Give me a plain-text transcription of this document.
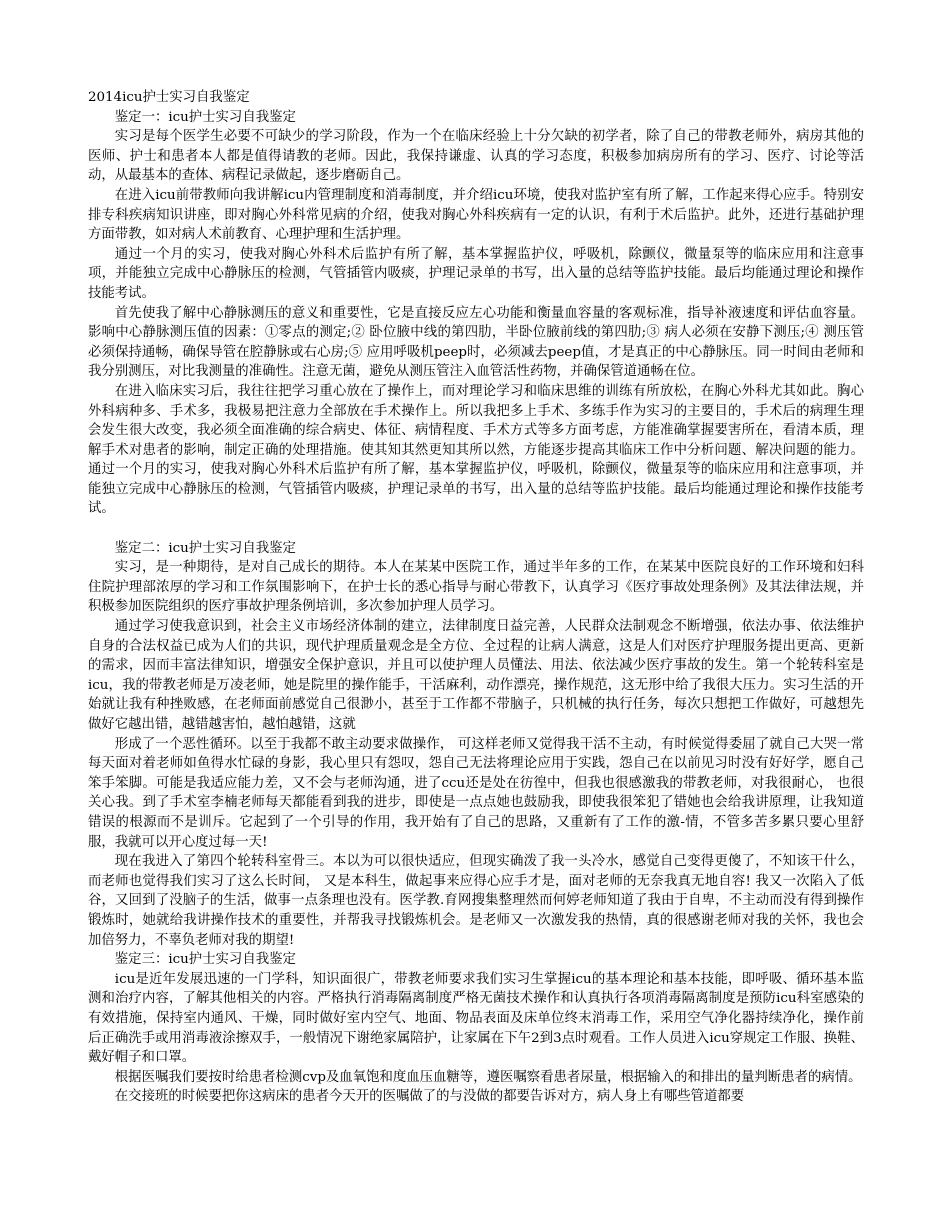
2014icu护士实习自我鉴定

鉴定一：icu护士实习自我鉴定

实习是每个医学生必要不可缺少的学习阶段，作为一个在临床经验上十分欠缺的初学者，除了自己的带教老师外，病房其他的医师、护士和患者本人都是值得请教的老师。因此，我保持谦虚、认真的学习态度，积极参加病房所有的学习、医疗、讨论等活动，从最基本的查体、病程记录做起，逐步磨砺自己。

在进入icu前带教师向我讲解icu内管理制度和消毒制度，并介绍icu环境，使我对监护室有所了解，工作起来得心应手。特别安排专科疾病知识讲座，即对胸心外科常见病的介绍，使我对胸心外科疾病有一定的认识，有利于术后监护。此外，还进行基础护理方面带教，如对病人术前教育、心理护理和生活护理。

通过一个月的实习，使我对胸心外科术后监护有所了解，基本掌握监护仪，呼吸机，除颤仪，微量泵等的临床应用和注意事项，并能独立完成中心静脉压的检测，气管插管内吸痰，护理记录单的书写，出入量的总结等监护技能。最后均能通过理论和操作技能考试。

首先使我了解中心静脉测压的意义和重要性，它是直接反应左心功能和衡量血容量的客观标准，指导补液速度和评估血容量。影响中心静脉测压值的因素：①零点的测定;② 卧位腋中线的第四肋，半卧位腋前线的第四肋;③ 病人必须在安静下测压;④ 测压管必须保持通畅，确保导管在腔静脉或右心房;⑤ 应用呼吸机peep时，必须减去peep值，才是真正的中心静脉压。同一时间由老师和我分别测压，对比我测量的准确性。注意无菌，避免从测压管注入血管活性药物，并确保管道通畅在位。

在进入临床实习后，我往往把学习重心放在了操作上，而对理论学习和临床思维的训练有所放松，在胸心外科尤其如此。胸心外科病种多、手术多，我极易把注意力全部放在手术操作上。所以我把多上手术、多练手作为实习的主要目的，手术后的病理生理会发生很大改变，我必须全面准确的综合病史、体征、病情程度、手术方式等多方面考虑，方能准确掌握要害所在，看清本质，理解手术对患者的影响，制定正确的处理措施。使其知其然更知其所以然，方能逐步提高其临床工作中分析问题、解决问题的能力。 通过一个月的实习，使我对胸心外科术后监护有所了解，基本掌握监护仪，呼吸机，除颤仪，微量泵等的临床应用和注意事项，并能独立完成中心静脉压的检测，气管插管内吸痰，护理记录单的书写，出入量的总结等监护技能。最后均能通过理论和操作技能考试。

鉴定二：icu护士实习自我鉴定

实习，是一种期待，是对自己成长的期待。本人在某某中医院工作，通过半年多的工作，在某某中医院良好的工作环境和妇科住院护理部浓厚的学习和工作氛围影响下，在护士长的悉心指导与耐心带教下，认真学习《医疗事故处理条例》及其法律法规，并积极参加医院组织的医疗事故护理条例培训，多次参加护理人员学习。

通过学习使我意识到，社会主义市场经济体制的建立，法律制度日益完善，人民群众法制观念不断增强，依法办事、依法维护自身的合法权益已成为人们的共识，现代护理质量观念是全方位、全过程的让病人满意，这是人们对医疗护理服务提出更高、更新的需求，因而丰富法律知识，增强安全保护意识，并且可以使护理人员懂法、用法、依法减少医疗事故的发生。第一个轮转科室是icu，我的带教老师是万凌老师，她是院里的操作能手，干活麻利，动作漂亮，操作规范，这无形中给了我很大压力。实习生活的开始就让我有种挫败感，在老师面前感觉自己很渺小，甚至于工作都不带脑子，只机械的执行任务，每次只想把工作做好，可越想先做好它越出错，越错越害怕，越怕越错，这就

形成了一个恶性循环。以至于我都不敢主动要求做操作， 可这样老师又觉得我干活不主动，有时候觉得委屈了就自己大哭一常每天面对着老师如鱼得水忙碌的身影，我心里只有怨叹，怨自己无法将理论应用于实践，怨自己在以前见习时没有好好学，愿自己笨手笨脚。可能是我适应能力差，又不会与老师沟通，进了ccu还是处在彷徨中，但我也很感激我的带教老师，对我很耐心， 也很关心我。到了手术室李楠老师每天都能看到我的进步，即使是一点点她也鼓励我，即使我很笨犯了错她也会给我讲原理，让我知道错误的根源而不是训斥。它起到了一个引导的作用，我开始有了自己的思路，又重新有了工作的激-情，不管多苦多累只要心里舒服，我就可以开心度过每一天!

现在我进入了第四个轮转科室骨三。本以为可以很快适应，但现实确泼了我一头冷水，感觉自己变得更傻了，不知该干什么， 而老师也觉得我们实习了这么长时间， 又是本科生，做起事来应得心应手才是，面对老师的无奈我真无地自容! 我又一次陷入了低谷，又回到了没脑子的生活，做事一点条理也没有。医学教.育网搜集整理然而何婷老师知道了我由于自卑，不主动而没有得到操作锻炼时，她就给我讲操作技术的重要性，并帮我寻找锻炼机会。是老师又一次激发我的热情，真的很感谢老师对我的关怀，我也会加倍努力，不辜负老师对我的期望!

鉴定三：icu护士实习自我鉴定

icu是近年发展迅速的一门学科，知识面很广，带教老师要求我们实习生掌握icu的基本理论和基本技能，即呼吸、循环基本监测和治疗内容，了解其他相关的内容。严格执行消毒隔离制度严格无菌技术操作和认真执行各项消毒隔离制度是预防icu科室感染的有效措施，保持室内通风、干燥，同时做好室内空气、地面、物品表面及床单位终末消毒工作，采用空气净化器持续净化，操作前后正确洗手或用消毒液涂擦双手，一般情况下谢绝家属陪护，让家属在下午2到3点时观看。工作人员进入icu穿规定工作服、换鞋、戴好帽子和口罩。

根据医嘱我们要按时给患者检测cvp及血氧饱和度血压血糖等，遵医嘱察看患者尿量，根据输入的和排出的量判断患者的病情。

在交接班的时候要把你这病床的患者今天开的医嘱做了的与没做的都要告诉对方，病人身上有哪些管道都要
